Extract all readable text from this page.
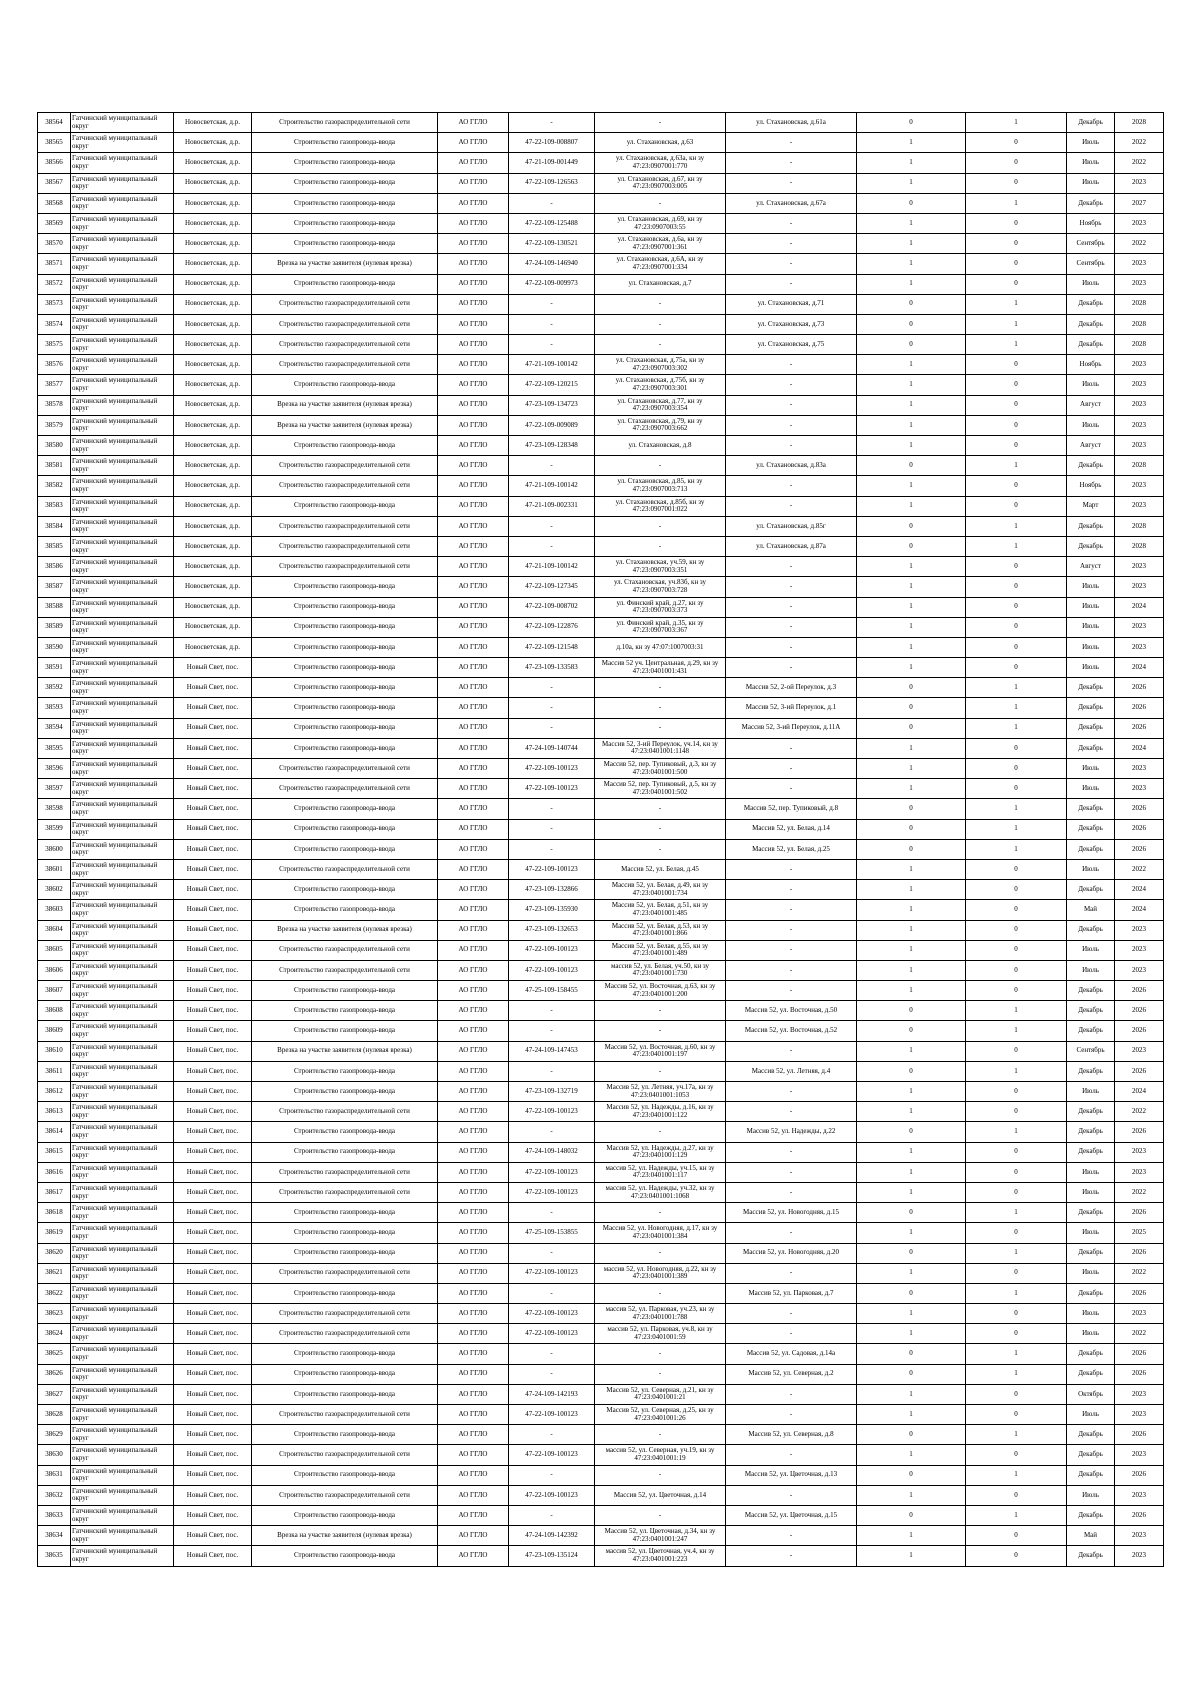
38564	Гатчинский муниципальный округ	Новосветская, д.р.	Строительство газораспределительной сети	АО ГГЛО	-	-	ул. Стахановская, д.61а	0	1	Декабрь	2028
38565	Гатчинский муниципальный округ	Новосветская, д.р.	Строительство газопровода-ввода	АО ГГЛО	47-22-109-008807	ул. Стахановская, д.63	-	1	0	Июль	2022
38566	Гатчинский муниципальный округ	Новосветская, д.р.	Строительство газопровода-ввода	АО ГГЛО	47-21-109-001449	ул. Стахановская, д.63а, кн зу 47:23:0907001:770	-	1	0	Июль	2022
38567	Гатчинский муниципальный округ	Новосветская, д.р.	Строительство газопровода-ввода	АО ГГЛО	47-22-109-126563	ул. Стахановская, д.67, кн зу 47:23:0907003:005	-	1	0	Июль	2023
38568	Гатчинский муниципальный округ	Новосветская, д.р.	Строительство газопровода-ввода	АО ГГЛО	-	-	ул. Стахановская, д.67а	0	1	Декабрь	2027
38569	Гатчинский муниципальный округ	Новосветская, д.р.	Строительство газопровода-ввода	АО ГГЛО	47-22-109-125488	ул. Стахановская, д.69, кн зу 47:23:0907003:55	-	1	0	Ноябрь	2023
38570	Гатчинский муниципальный округ	Новосветская, д.р.	Строительство газопровода-ввода	АО ГГЛО	47-22-109-130521	ул. Стахановская, д.6а, кн зу 47:23:0907001:361	-	1	0	Сентябрь	2022
38571	Гатчинский муниципальный округ	Новосветская, д.р.	Врезка на участке заявителя (нулевая врезка)	АО ГГЛО	47-24-109-146940	ул. Стахановская, д.6А, кн зу 47:23:0907001:334	-	1	0	Сентябрь	2023
38572	Гатчинский муниципальный округ	Новосветская, д.р.	Строительство газопровода-ввода	АО ГГЛО	47-22-109-009973	ул. Стахановская, д.7	-	1	0	Июль	2023
38573	Гатчинский муниципальный округ	Новосветская, д.р.	Строительство газораспределительной сети	АО ГГЛО	-	-	ул. Стахановская, д.71	0	1	Декабрь	2028
38574	Гатчинский муниципальный округ	Новосветская, д.р.	Строительство газораспределительной сети	АО ГГЛО	-	-	ул. Стахановская, д.73	0	1	Декабрь	2028
38575	Гатчинский муниципальный округ	Новосветская, д.р.	Строительство газораспределительной сети	АО ГГЛО	-	-	ул. Стахановская, д.75	0	1	Декабрь	2028
38576	Гатчинский муниципальный округ	Новосветская, д.р.	Строительство газораспределительной сети	АО ГГЛО	47-21-109-100142	ул. Стахановская, д.75а, кн зу 47:23:0907003:302	-	1	0	Ноябрь	2023
38577	Гатчинский муниципальный округ	Новосветская, д.р.	Строительство газопровода-ввода	АО ГГЛО	47-22-109-120215	ул. Стахановская, д.75б, кн зу 47:23:0907003:301	-	1	0	Июль	2023
38578	Гатчинский муниципальный округ	Новосветская, д.р.	Врезка на участке заявителя (нулевая врезка)	АО ГГЛО	47-23-109-134723	ул. Стахановская, д.77, кн зу 47:23:0907003:354	-	1	0	Август	2023
38579	Гатчинский муниципальный округ	Новосветская, д.р.	Врезка на участке заявителя (нулевая врезка)	АО ГГЛО	47-22-109-009089	ул. Стахановская, д.79, кн зу 47:23:0907003:662	-	1	0	Июль	2023
38580	Гатчинский муниципальный округ	Новосветская, д.р.	Строительство газопровода-ввода	АО ГГЛО	47-23-109-128348	ул. Стахановская, д.8	-	1	0	Август	2023
38581	Гатчинский муниципальный округ	Новосветская, д.р.	Строительство газораспределительной сети	АО ГГЛО	-	-	ул. Стахановская, д.83а	0	1	Декабрь	2028
38582	Гатчинский муниципальный округ	Новосветская, д.р.	Строительство газораспределительной сети	АО ГГЛО	47-21-109-100142	ул. Стахановская, д.85, кн зу 47:23:0907003:713	-	1	0	Ноябрь	2023
38583	Гатчинский муниципальный округ	Новосветская, д.р.	Строительство газопровода-ввода	АО ГГЛО	47-21-109-002331	ул. Стахановская, д.85б, кн зу 47:23:0907001:022	-	1	0	Март	2023
38584	Гатчинский муниципальный округ	Новосветская, д.р.	Строительство газораспределительной сети	АО ГГЛО	-	-	ул. Стахановская, д.85г	0	1	Декабрь	2028
38585	Гатчинский муниципальный округ	Новосветская, д.р.	Строительство газораспределительной сети	АО ГГЛО	-	-	ул. Стахановская, д.87а	0	1	Декабрь	2028
38586	Гатчинский муниципальный округ	Новосветская, д.р.	Строительство газораспределительной сети	АО ГГЛО	47-21-109-100142	ул. Стахановская, уч.59, кн зу 47:23:0907003:351	-	1	0	Август	2023
38587	Гатчинский муниципальный округ	Новосветская, д.р.	Строительство газопровода-ввода	АО ГГЛО	47-22-109-127345	ул. Стахановская, уч.83б, кн зу 47:23:0907003:728	-	1	0	Июль	2023
38588	Гатчинский муниципальный округ	Новосветская, д.р.	Строительство газопровода-ввода	АО ГГЛО	47-22-109-008702	ул. Финский край, д.27, кн зу 47:23:0907003:373	-	1	0	Июль	2024
38589	Гатчинский муниципальный округ	Новосветская, д.р.	Строительство газопровода-ввода	АО ГГЛО	47-22-109-122876	ул. Финский край, д.35, кн зу 47:23:0907003:367	-	1	0	Июль	2023
38590	Гатчинский муниципальный округ	Новосветская, д.р.	Строительство газопровода-ввода	АО ГГЛО	47-22-109-121548	д.10а, кн зу 47:07:1007003:31	-	1	0	Июль	2023
38591	Гатчинский муниципальный округ	Новый Свет, пос.	Строительство газопровода-ввода	АО ГГЛО	47-23-109-133583	Массив 52 уч. Центральная, д.29, кн зу 47:23:0401001:431	-	1	0	Июль	2024
38592	Гатчинский муниципальный округ	Новый Свет, пос.	Строительство газопровода-ввода	АО ГГЛО	-	-	Массив 52, 2-ой Переулок, д.3	0	1	Декабрь	2026
38593	Гатчинский муниципальный округ	Новый Свет, пос.	Строительство газопровода-ввода	АО ГГЛО	-	-	Массив 52, 3-ий Переулок, д.1	0	1	Декабрь	2026
38594	Гатчинский муниципальный округ	Новый Свет, пос.	Строительство газопровода-ввода	АО ГГЛО	-	-	Массив 52, 3-ий Переулок, д.11А	0	1	Декабрь	2026
38595	Гатчинский муниципальный округ	Новый Свет, пос.	Строительство газопровода-ввода	АО ГГЛО	47-24-109-140744	Массив 52, 3-ий Переулок, уч.14, кн зу 47:23:0401001:1148	-	1	0	Декабрь	2024
38596	Гатчинский муниципальный округ	Новый Свет, пос.	Строительство газораспределительной сети	АО ГГЛО	47-22-109-100123	Массив 52, пер. Тупиковый, д.3, кн зу 47:23:0401001:500	-	1	0	Июль	2023
38597	Гатчинский муниципальный округ	Новый Свет, пос.	Строительство газораспределительной сети	АО ГГЛО	47-22-109-100123	Массив 52, пер. Тупиковый, д.5, кн зу 47:23:0401001:502	-	1	0	Июль	2023
38598	Гатчинский муниципальный округ	Новый Свет, пос.	Строительство газопровода-ввода	АО ГГЛО	-	-	Массив 52, пер. Тупиковый, д.8	0	1	Декабрь	2026
38599	Гатчинский муниципальный округ	Новый Свет, пос.	Строительство газопровода-ввода	АО ГГЛО	-	-	Массив 52, ул. Белая, д.14	0	1	Декабрь	2026
38600	Гатчинский муниципальный округ	Новый Свет, пос.	Строительство газопровода-ввода	АО ГГЛО	-	-	Массив 52, ул. Белая, д.25	0	1	Декабрь	2026
38601	Гатчинский муниципальный округ	Новый Свет, пос.	Строительство газораспределительной сети	АО ГГЛО	47-22-109-100123	Массив 52, ул. Белая, д.45	-	1	0	Июль	2022
38602	Гатчинский муниципальный округ	Новый Свет, пос.	Строительство газопровода-ввода	АО ГГЛО	47-23-109-132866	Массив 52, ул. Белая, д.49, кн зу 47:23:0401001:734	-	1	0	Декабрь	2024
38603	Гатчинский муниципальный округ	Новый Свет, пос.	Строительство газопровода-ввода	АО ГГЛО	47-23-109-135930	Массив 52, ул. Белая, д.51, кн зу 47:23:0401001:485	-	1	0	Май	2024
38604	Гатчинский муниципальный округ	Новый Свет, пос.	Врезка на участке заявителя (нулевая врезка)	АО ГГЛО	47-23-109-132653	Массив 52, ул. Белая, д.53, кн зу 47:23:0401001:866	-	1	0	Декабрь	2023
38605	Гатчинский муниципальный округ	Новый Свет, пос.	Строительство газораспределительной сети	АО ГГЛО	47-22-109-100123	Массив 52, ул. Белая, д.55, кн зу 47:23:0401001:489	-	1	0	Июль	2023
38606	Гатчинский муниципальный округ	Новый Свет, пос.	Строительство газораспределительной сети	АО ГГЛО	47-22-109-100123	массив 52, ул. Белая, уч.50, кн зу 47:23:0401001:730	-	1	0	Июль	2023
38607	Гатчинский муниципальный округ	Новый Свет, пос.	Строительство газопровода-ввода	АО ГГЛО	47-25-109-158455	Массив 52, ул. Восточная, д.63, кн зу 47:23:0401001:200	-	1	0	Декабрь	2026
38608	Гатчинский муниципальный округ	Новый Свет, пос.	Строительство газопровода-ввода	АО ГГЛО	-	-	Массив 52, ул. Восточная, д.50	0	1	Декабрь	2026
38609	Гатчинский муниципальный округ	Новый Свет, пос.	Строительство газопровода-ввода	АО ГГЛО	-	-	Массив 52, ул. Восточная, д.52	0	1	Декабрь	2026
38610	Гатчинский муниципальный округ	Новый Свет, пос.	Врезка на участке заявителя (нулевая врезка)	АО ГГЛО	47-24-109-147453	Массив 52, ул. Восточная, д.60, кн зу 47:23:0401001:197	-	1	0	Сентябрь	2023
38611	Гатчинский муниципальный округ	Новый Свет, пос.	Строительство газопровода-ввода	АО ГГЛО	-	-	Массив 52, ул. Летняя, д.4	0	1	Декабрь	2026
38612	Гатчинский муниципальный округ	Новый Свет, пос.	Строительство газопровода-ввода	АО ГГЛО	47-23-109-132719	Массив 52, ул. Летняя, уч.17а, кн зу 47:23:0401001:1053	-	1	0	Июль	2024
38613	Гатчинский муниципальный округ	Новый Свет, пос.	Строительство газораспределительной сети	АО ГГЛО	47-22-109-100123	Массив 52, ул. Надежды, д.16, кн зу 47:23:0401001:122	-	1	0	Декабрь	2022
38614	Гатчинский муниципальный округ	Новый Свет, пос.	Строительство газопровода-ввода	АО ГГЛО	-	-	Массив 52, ул. Надежды, д.22	0	1	Декабрь	2026
38615	Гатчинский муниципальный округ	Новый Свет, пос.	Строительство газопровода-ввода	АО ГГЛО	47-24-109-148032	Массив 52, ул. Надежды, д.27, кн зу 47:23:0401001:129	-	1	0	Декабрь	2023
38616	Гатчинский муниципальный округ	Новый Свет, пос.	Строительство газораспределительной сети	АО ГГЛО	47-22-109-100123	массив 52, ул. Надежды, уч.15, кн зу 47:23:0401001:117	-	1	0	Июль	2023
38617	Гатчинский муниципальный округ	Новый Свет, пос.	Строительство газораспределительной сети	АО ГГЛО	47-22-109-100123	массив 52, ул. Надежды, уч.32, кн зу 47:23:0401001:1068	-	1	0	Июль	2022
38618	Гатчинский муниципальный округ	Новый Свет, пос.	Строительство газопровода-ввода	АО ГГЛО	-	-	Массив 52, ул. Новогодняя, д.15	0	1	Декабрь	2026
38619	Гатчинский муниципальный округ	Новый Свет, пос.	Строительство газопровода-ввода	АО ГГЛО	47-25-109-153855	Массив 52, ул. Новогодняя, д.17, кн зу 47:23:0401001:384	-	1	0	Июль	2025
38620	Гатчинский муниципальный округ	Новый Свет, пос.	Строительство газопровода-ввода	АО ГГЛО	-	-	Массив 52, ул. Новогодняя, д.20	0	1	Декабрь	2026
38621	Гатчинский муниципальный округ	Новый Свет, пос.	Строительство газораспределительной сети	АО ГГЛО	47-22-109-100123	массив 52, ул. Новогодняя, д.22, кн зу 47:23:0401001:389	-	1	0	Июль	2022
38622	Гатчинский муниципальный округ	Новый Свет, пос.	Строительство газопровода-ввода	АО ГГЛО	-	-	Массив 52, ул. Парковая, д.7	0	1	Декабрь	2026
38623	Гатчинский муниципальный округ	Новый Свет, пос.	Строительство газораспределительной сети	АО ГГЛО	47-22-109-100123	массив 52, ул. Парковая, уч.23, кн зу 47:23:0401001:788	-	1	0	Июль	2023
38624	Гатчинский муниципальный округ	Новый Свет, пос.	Строительство газораспределительной сети	АО ГГЛО	47-22-109-100123	массив 52, ул. Парковая, уч.8, кн зу 47:23:0401001:59	-	1	0	Июль	2022
38625	Гатчинский муниципальный округ	Новый Свет, пос.	Строительство газопровода-ввода	АО ГГЛО	-	-	Массив 52, ул. Садовая, д.14а	0	1	Декабрь	2026
38626	Гатчинский муниципальный округ	Новый Свет, пос.	Строительство газопровода-ввода	АО ГГЛО	-	-	Массив 52, ул. Северная, д.2	0	1	Декабрь	2026
38627	Гатчинский муниципальный округ	Новый Свет, пос.	Строительство газопровода-ввода	АО ГГЛО	47-24-109-142193	Массив 52, ул. Северная, д.21, кн зу 47:23:0401001:21	-	1	0	Октябрь	2023
38628	Гатчинский муниципальный округ	Новый Свет, пос.	Строительство газораспределительной сети	АО ГГЛО	47-22-109-100123	Массив 52, ул. Северная, д.25, кн зу 47:23:0401001:26	-	1	0	Июль	2023
38629	Гатчинский муниципальный округ	Новый Свет, пос.	Строительство газопровода-ввода	АО ГГЛО	-	-	Массив 52, ул. Северная, д.8	0	1	Декабрь	2026
38630	Гатчинский муниципальный округ	Новый Свет, пос.	Строительство газораспределительной сети	АО ГГЛО	47-22-109-100123	массив 52, ул. Северная, уч.19, кн зу 47:23:0401001:19	-	1	0	Декабрь	2023
38631	Гатчинский муниципальный округ	Новый Свет, пос.	Строительство газопровода-ввода	АО ГГЛО	-	-	Массив 52, ул. Цветочная, д.13	0	1	Декабрь	2026
38632	Гатчинский муниципальный округ	Новый Свет, пос.	Строительство газораспределительной сети	АО ГГЛО	47-22-109-100123	Массив 52, ул. Цветочная, д.14	-	1	0	Июль	2023
38633	Гатчинский муниципальный округ	Новый Свет, пос.	Строительство газопровода-ввода	АО ГГЛО	-	-	Массив 52, ул. Цветочная, д.15	0	1	Декабрь	2026
38634	Гатчинский муниципальный округ	Новый Свет, пос.	Врезка на участке заявителя (нулевая врезка)	АО ГГЛО	47-24-109-142392	Массив 52, ул. Цветочная, д.34, кн зу 47:23:0401001:247	-	1	0	Май	2023
38635	Гатчинский муниципальный округ	Новый Свет, пос.	Строительство газопровода-ввода	АО ГГЛО	47-23-109-135124	массив 52, ул. Цветочная, уч.4, кн зу 47:23:0401001:223	-	1	0	Декабрь	2023
